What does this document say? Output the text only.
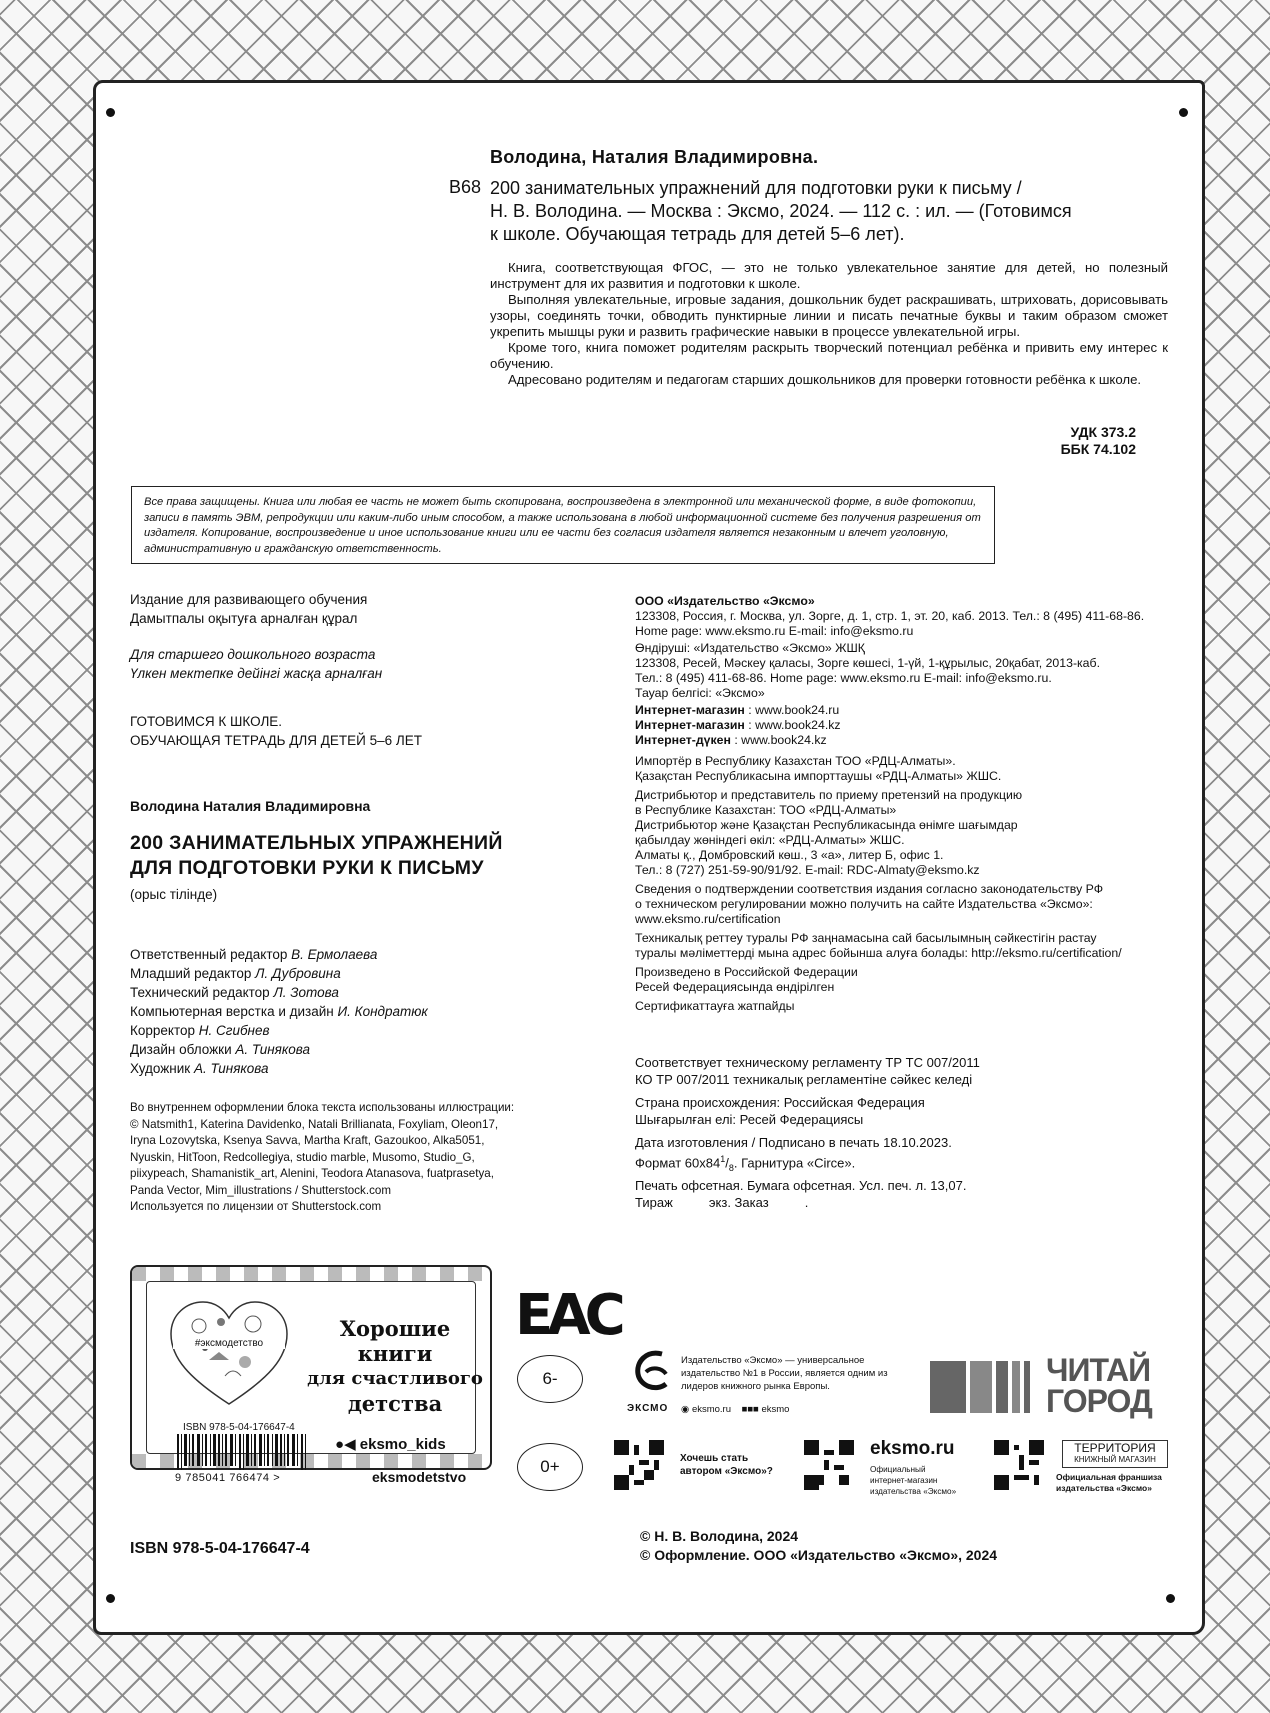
Володина, Наталия Владимировна.
В68 200 занимательных упражнений для подготовки руки к письму /
Н. В. Володина. — Москва : Эксмо, 2024. — 112 с. : ил. — (Готовимся
к школе. Обучающая тетрадь для детей 5–6 лет).

Книга, соответствующая ФГОС, — это не только увлекательное занятие для детей, но полезный инструмент для их развития и подготовки к школе.

Выполняя увлекательные, игровые задания, дошкольник будет раскрашивать, штриховать, дорисовывать узоры, соединять точки, обводить пунктирные линии и писать печатные буквы и таким образом сможет укрепить мышцы руки и развить графические навыки в процессе увлекательной игры.

Кроме того, книга поможет родителям раскрыть творческий потенциал ребёнка и привить ему интерес к обучению.

Адресовано родителям и педагогам старших дошкольников для проверки готовности ребёнка к школе.

УДК 373.2
ББК 74.102
Все права защищены. Книга или любая ее часть не может быть скопирована, воспроизведена в электронной или механической форме, в виде фотокопии, записи в память ЭВМ, репродукции или каким-либо иным способом, а также использована в любой информационной системе без получения разрешения от издателя. Копирование, воспроизведение и иное использование книги или ее части без согласия издателя является незаконным и влечет уголовную, административную и гражданскую ответственность.
Издание для развивающего обучения
Дамытпалы оқытуға арналған құрал
Для старшего дошкольного возраста
Үлкен мектепке дейінгі жасқа арналған
ГОТОВИМСЯ К ШКОЛЕ.
ОБУЧАЮЩАЯ ТЕТРАДЬ ДЛЯ ДЕТЕЙ 5–6 ЛЕТ
Володина Наталия Владимировна
200 ЗАНИМАТЕЛЬНЫХ УПРАЖНЕНИЙ
ДЛЯ ПОДГОТОВКИ РУКИ К ПИСЬМУ
(орыс тілінде)
Ответственный редактор В. Ермолаева
Младший редактор Л. Дубровина
Технический редактор Л. Зотова
Компьютерная верстка и дизайн И. Кондратюк
Корректор Н. Сгибнев
Дизайн обложки А. Тинякова
Художник А. Тинякова
Во внутреннем оформлении блока текста использованы иллюстрации:
© Natsmith1, Katerina Davidenko, Natali Brillianata, Foxyliam, Oleon17,
Iryna Lozovytska, Ksenya Savva, Martha Kraft, Gazoukoo, Alka5051,
Nyuskin, HitToon, Redcollegiya, studio marble, Musomo, Studio_G,
piixypeach, Shamanistik_art, Alenini, Teodora Atanasova, fuatprasetya,
Panda Vector, Mim_illustrations / Shutterstock.com
Используется по лицензии от Shutterstock.com

ООО «Издательство «Эксмо»

123308, Россия, г. Москва, ул. Зорге, д. 1, стр. 1, эт. 20, каб. 2013. Тел.: 8 (495) 411-68-86.
Home page: www.eksmo.ru E-mail: info@eksmo.ru
Өндіруші: «Издательство «Эксмо» ЖШҚ
123308, Ресей, Мәскеу қаласы, Зорге көшесі, 1-үй, 1-құрылыс, 20қабат, 2013-каб.
Тел.: 8 (495) 411-68-86. Home page: www.eksmo.ru E-mail: info@eksmo.ru.
Тауар белгісі: «Эксмо»
Интернет-магазин : www.book24.ru
Интернет-магазин : www.book24.kz
Интернет-дүкен : www.book24.kz
Импортёр в Республику Казахстан ТОО «РДЦ-Алматы».
Қазақстан Республикасына импорттаушы «РДЦ-Алматы» ЖШС.
Дистрибьютор и представитель по приему претензий на продукцию
в Республике Казахстан: ТОО «РДЦ-Алматы»
Дистрибьютор және Қазақстан Республикасында өнімге шағымдар
қабылдау жөніндегі өкіл: «РДЦ-Алматы» ЖШС.
Алматы қ., Домбровский көш., 3 «а», литер Б, офис 1.
Тел.: 8 (727) 251-59-90/91/92. E-mail: RDC-Almaty@eksmo.kz
Сведения о подтверждении соответствия издания согласно законодательству РФ
о техническом регулировании можно получить на сайте Издательства «Эксмо»:
www.eksmo.ru/certification
Техникалық реттеу туралы РФ заңнамасына сай басылымның сәйкестігін растау
туралы мәліметтерді мына адрес бойынша алуға болады: http://eksmo.ru/certification/
Произведено в Российской Федерации
Ресей Федерациясында өндірілген
Сертификаттауға жатпайды
Соответствует техническому регламенту ТР ТС 007/2011
КО ТР 007/2011 техникалық регламентіне сәйкес келеді
Страна происхождения: Российская Федерация
Шығарылған елі: Ресей Федерациясы
Дата изготовления / Подписано в печать 18.10.2023.
Формат $60x84^1/_8$. Гарнитура «Circe».
Печать офсетная. Бумага офсетная. Усл. печ. л. 13,07.
Тираж          экз. Заказ          .
#эксмодетство
Хорошие
книги
для счастливого
детства
ISBN 978-5-04-176647-4
9 785041 766474 >
●◀ eksmo_kids
eksmodetstvo
ЕАС
6-
0+
ЭКСМО
Издательство «Эксмо» — универсальное издательство №1 в России, является одним из лидеров книжного рынка Европы.
◉ eksmo.ru ■■■ eksmo
ЧИТАЙ
ГОРОД
Хочешь стать
автором «Эксмо»?
eksmo.ru
Официальный
интернет-магазин
издательства «Эксмо»
ТЕРРИТОРИЯ
КНИЖНЫЙ МАГАЗИН
Официальная франшиза
издательства «Эксмо»
© Н. В. Володина, 2024
© Оформление. ООО «Издательство «Эксмо», 2024
ISBN 978-5-04-176647-4
